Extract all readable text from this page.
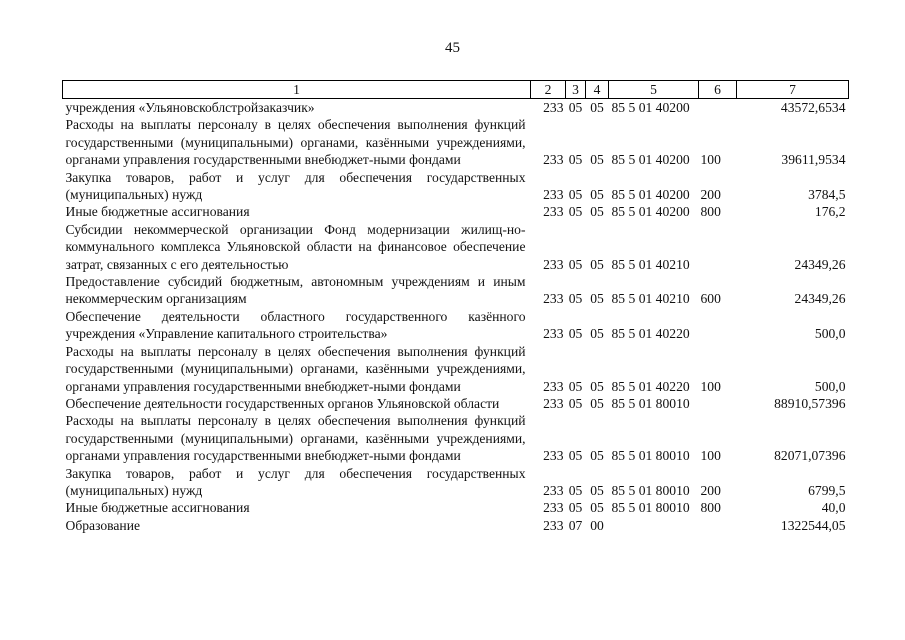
45
1	2	3	4	5	6	7
учреждения «Ульяновскоблстройзаказчик»	233	05	05	85 5 01 40200		43572,6534
Расходы на выплаты персоналу в целях обеспечения выполнения функций государственными (муниципальными) органами, казёнными учреждениями, органами управления государственными внебюджет-ными фондами	233	05	05	85 5 01 40200	100	39611,9534
Закупка товаров, работ и услуг для обеспечения государственных (муниципальных) нужд	233	05	05	85 5 01 40200	200	3784,5
Иные бюджетные ассигнования	233	05	05	85 5 01 40200	800	176,2
Субсидии некоммерческой организации Фонд модернизации жилищ-но-коммунального комплекса Ульяновской области на финансовое обеспечение затрат, связанных с его деятельностью	233	05	05	85 5 01 40210		24349,26
Предоставление субсидий бюджетным, автономным учреждениям и иным некоммерческим организациям	233	05	05	85 5 01 40210	600	24349,26
Обеспечение деятельности областного государственного казённого учреждения «Управление капитального строительства»	233	05	05	85 5 01 40220		500,0
Расходы на выплаты персоналу в целях обеспечения выполнения функций государственными (муниципальными) органами, казёнными учреждениями, органами управления государственными внебюджет-ными фондами	233	05	05	85 5 01 40220	100	500,0
Обеспечение деятельности государственных органов Ульяновской области	233	05	05	85 5 01 80010		88910,57396
Расходы на выплаты персоналу в целях обеспечения выполнения функций государственными (муниципальными) органами, казёнными учреждениями, органами управления государственными внебюджет-ными фондами	233	05	05	85 5 01 80010	100	82071,07396
Закупка товаров, работ и услуг для обеспечения государственных (муниципальных) нужд	233	05	05	85 5 01 80010	200	6799,5
Иные бюджетные ассигнования	233	05	05	85 5 01 80010	800	40,0
Образование	233	07	00			1322544,05
